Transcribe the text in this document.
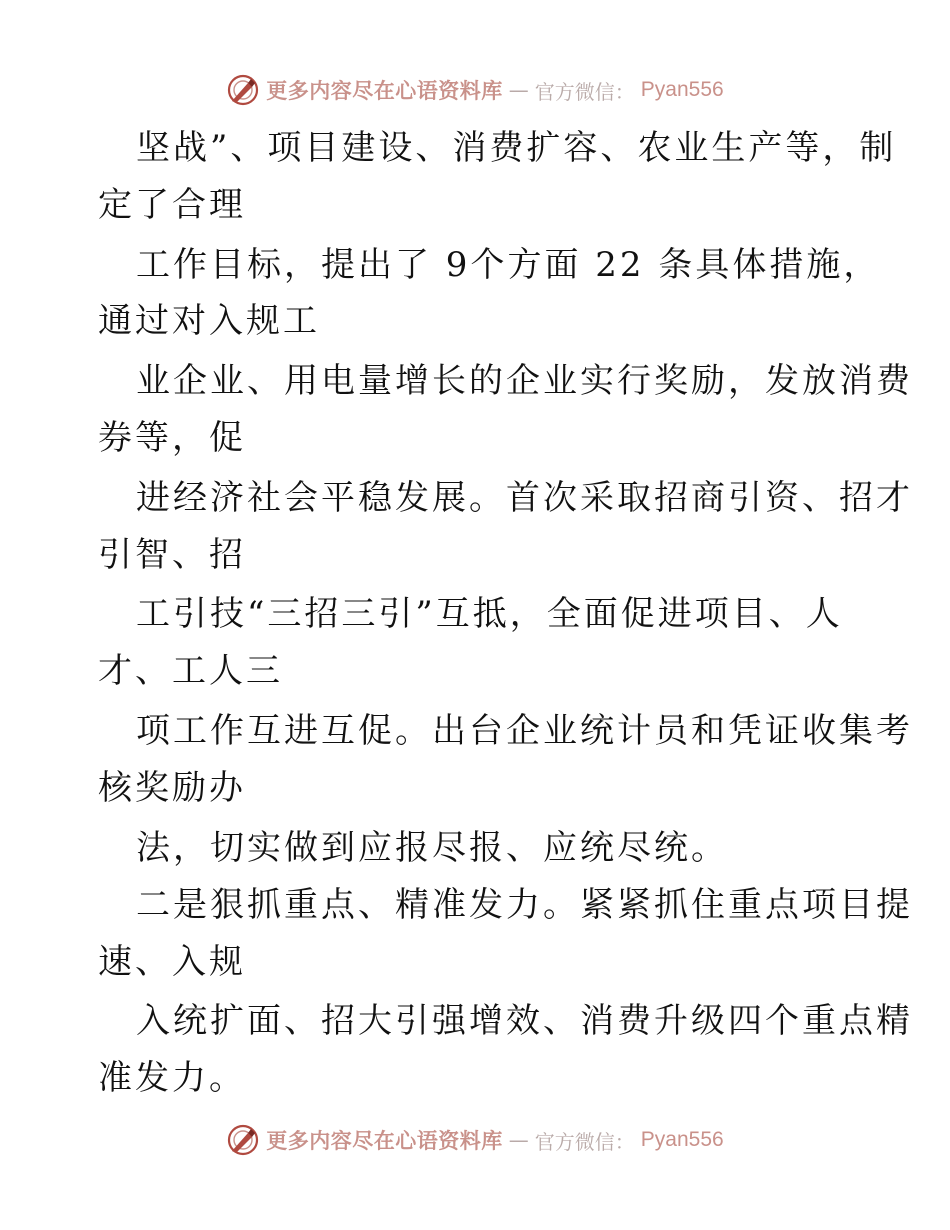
更多内容尽在心语资料库 — 官方微信： Pyan556
坚战”、项目建设、消费扩容、农业生产等，制
定了合理
工作目标，提出了 9个方面 22 条具体措施，
通过对入规工
业企业、用电量增长的企业实行奖励，发放消费
券等，促
进经济社会平稳发展。首次采取招商引资、招才
引智、招
工引技“三招三引”互抵，全面促进项目、人
才、工人三
项工作互进互促。出台企业统计员和凭证收集考
核奖励办
法，切实做到应报尽报、应统尽统。
二是狠抓重点、精准发力。紧紧抓住重点项目提
速、入规
入统扩面、招大引强增效、消费升级四个重点精
准发力。
更多内容尽在心语资料库 — 官方微信： Pyan556
